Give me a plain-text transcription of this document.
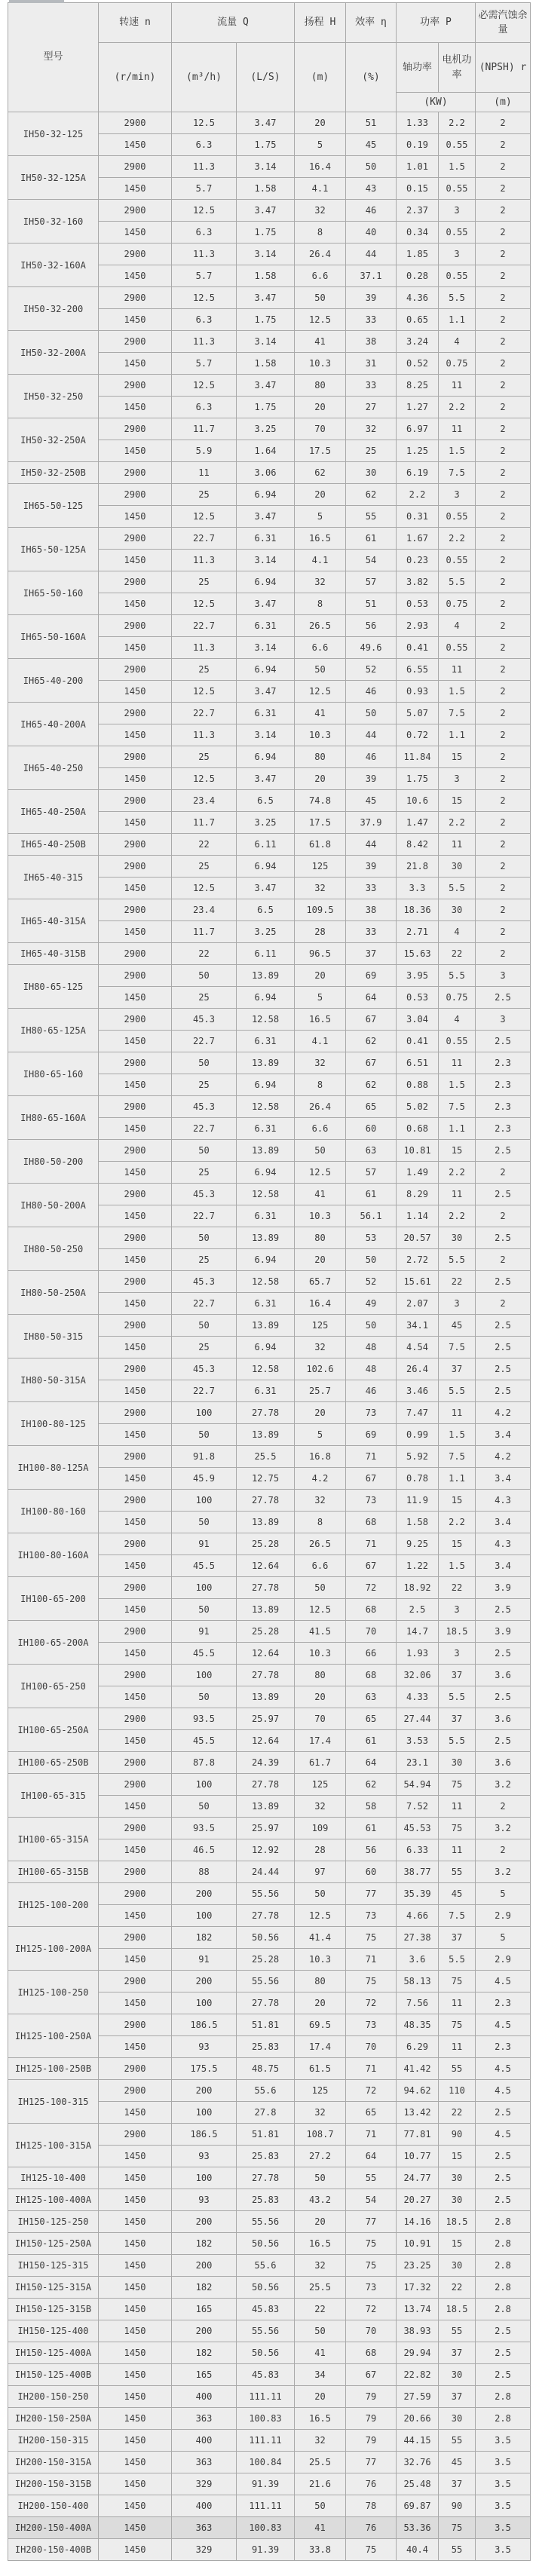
型号	转速 n	流量 Q		扬程 H	效率 η	功率 P		必需汽蚀余量
	(r/min)	(m³/h)	(L/S)	(m)	(%)	轴功率	电机功率	(NPSH) r
						(KW)		(m)
IH50-32-125	2900	12.5	3.47	20	51	1.33	2.2	2
	1450	6.3	1.75	5	45	0.19	0.55	2
IH50-32-125A	2900	11.3	3.14	16.4	50	1.01	1.5	2
	1450	5.7	1.58	4.1	43	0.15	0.55	2
IH50-32-160	2900	12.5	3.47	32	46	2.37	3	2
	1450	6.3	1.75	8	40	0.34	0.55	2
IH50-32-160A	2900	11.3	3.14	26.4	44	1.85	3	2
	1450	5.7	1.58	6.6	37.1	0.28	0.55	2
IH50-32-200	2900	12.5	3.47	50	39	4.36	5.5	2
	1450	6.3	1.75	12.5	33	0.65	1.1	2
IH50-32-200A	2900	11.3	3.14	41	38	3.24	4	2
	1450	5.7	1.58	10.3	31	0.52	0.75	2
IH50-32-250	2900	12.5	3.47	80	33	8.25	11	2
	1450	6.3	1.75	20	27	1.27	2.2	2
IH50-32-250A	2900	11.7	3.25	70	32	6.97	11	2
	1450	5.9	1.64	17.5	25	1.25	1.5	2
IH50-32-250B	2900	11	3.06	62	30	6.19	7.5	2
IH65-50-125	2900	25	6.94	20	62	2.2	3	2
	1450	12.5	3.47	5	55	0.31	0.55	2
IH65-50-125A	2900	22.7	6.31	16.5	61	1.67	2.2	2
	1450	11.3	3.14	4.1	54	0.23	0.55	2
IH65-50-160	2900	25	6.94	32	57	3.82	5.5	2
	1450	12.5	3.47	8	51	0.53	0.75	2
IH65-50-160A	2900	22.7	6.31	26.5	56	2.93	4	2
	1450	11.3	3.14	6.6	49.6	0.41	0.55	2
IH65-40-200	2900	25	6.94	50	52	6.55	11	2
	1450	12.5	3.47	12.5	46	0.93	1.5	2
IH65-40-200A	2900	22.7	6.31	41	50	5.07	7.5	2
	1450	11.3	3.14	10.3	44	0.72	1.1	2
IH65-40-250	2900	25	6.94	80	46	11.84	15	2
	1450	12.5	3.47	20	39	1.75	3	2
IH65-40-250A	2900	23.4	6.5	74.8	45	10.6	15	2
	1450	11.7	3.25	17.5	37.9	1.47	2.2	2
IH65-40-250B	2900	22	6.11	61.8	44	8.42	11	2
IH65-40-315	2900	25	6.94	125	39	21.8	30	2
	1450	12.5	3.47	32	33	3.3	5.5	2
IH65-40-315A	2900	23.4	6.5	109.5	38	18.36	30	2
	1450	11.7	3.25	28	33	2.71	4	2
IH65-40-315B	2900	22	6.11	96.5	37	15.63	22	2
IH80-65-125	2900	50	13.89	20	69	3.95	5.5	3
	1450	25	6.94	5	64	0.53	0.75	2.5
IH80-65-125A	2900	45.3	12.58	16.5	67	3.04	4	3
	1450	22.7	6.31	4.1	62	0.41	0.55	2.5
IH80-65-160	2900	50	13.89	32	67	6.51	11	2.3
	1450	25	6.94	8	62	0.88	1.5	2.3
IH80-65-160A	2900	45.3	12.58	26.4	65	5.02	7.5	2.3
	1450	22.7	6.31	6.6	60	0.68	1.1	2.3
IH80-50-200	2900	50	13.89	50	63	10.81	15	2.5
	1450	25	6.94	12.5	57	1.49	2.2	2
IH80-50-200A	2900	45.3	12.58	41	61	8.29	11	2.5
	1450	22.7	6.31	10.3	56.1	1.14	2.2	2
IH80-50-250	2900	50	13.89	80	53	20.57	30	2.5
	1450	25	6.94	20	50	2.72	5.5	2
IH80-50-250A	2900	45.3	12.58	65.7	52	15.61	22	2.5
	1450	22.7	6.31	16.4	49	2.07	3	2
IH80-50-315	2900	50	13.89	125	50	34.1	45	2.5
	1450	25	6.94	32	48	4.54	7.5	2.5
IH80-50-315A	2900	45.3	12.58	102.6	48	26.4	37	2.5
	1450	22.7	6.31	25.7	46	3.46	5.5	2.5
IH100-80-125	2900	100	27.78	20	73	7.47	11	4.2
	1450	50	13.89	5	69	0.99	1.5	3.4
IH100-80-125A	2900	91.8	25.5	16.8	71	5.92	7.5	4.2
	1450	45.9	12.75	4.2	67	0.78	1.1	3.4
IH100-80-160	2900	100	27.78	32	73	11.9	15	4.3
	1450	50	13.89	8	68	1.58	2.2	3.4
IH100-80-160A	2900	91	25.28	26.5	71	9.25	15	4.3
	1450	45.5	12.64	6.6	67	1.22	1.5	3.4
IH100-65-200	2900	100	27.78	50	72	18.92	22	3.9
	1450	50	13.89	12.5	68	2.5	3	2.5
IH100-65-200A	2900	91	25.28	41.5	70	14.7	18.5	3.9
	1450	45.5	12.64	10.3	66	1.93	3	2.5
IH100-65-250	2900	100	27.78	80	68	32.06	37	3.6
	1450	50	13.89	20	63	4.33	5.5	2.5
IH100-65-250A	2900	93.5	25.97	70	65	27.44	37	3.6
	1450	45.5	12.64	17.4	61	3.53	5.5	2.5
IH100-65-250B	2900	87.8	24.39	61.7	64	23.1	30	3.6
IH100-65-315	2900	100	27.78	125	62	54.94	75	3.2
	1450	50	13.89	32	58	7.52	11	2
IH100-65-315A	2900	93.5	25.97	109	61	45.53	75	3.2
	1450	46.5	12.92	28	56	6.33	11	2
IH100-65-315B	2900	88	24.44	97	60	38.77	55	3.2
IH125-100-200	2900	200	55.56	50	77	35.39	45	5
	1450	100	27.78	12.5	73	4.66	7.5	2.9
IH125-100-200A	2900	182	50.56	41.4	75	27.38	37	5
	1450	91	25.28	10.3	71	3.6	5.5	2.9
IH125-100-250	2900	200	55.56	80	75	58.13	75	4.5
	1450	100	27.78	20	72	7.56	11	2.3
IH125-100-250A	2900	186.5	51.81	69.5	73	48.35	75	4.5
	1450	93	25.83	17.4	70	6.29	11	2.3
IH125-100-250B	2900	175.5	48.75	61.5	71	41.42	55	4.5
IH125-100-315	2900	200	55.6	125	72	94.62	110	4.5
	1450	100	27.8	32	65	13.42	22	2.5
IH125-100-315A	2900	186.5	51.81	108.7	71	77.81	90	4.5
	1450	93	25.83	27.2	64	10.77	15	2.5
IH125-10-400	1450	100	27.78	50	55	24.77	30	2.5
IH125-100-400A	1450	93	25.83	43.2	54	20.27	30	2.5
IH150-125-250	1450	200	55.56	20	77	14.16	18.5	2.8
IH150-125-250A	1450	182	50.56	16.5	75	10.91	15	2.8
IH150-125-315	1450	200	55.6	32	75	23.25	30	2.8
IH150-125-315A	1450	182	50.56	25.5	73	17.32	22	2.8
IH150-125-315B	1450	165	45.83	22	72	13.74	18.5	2.8
IH150-125-400	1450	200	55.56	50	70	38.93	55	2.5
IH150-125-400A	1450	182	50.56	41	68	29.94	37	2.5
IH150-125-400B	1450	165	45.83	34	67	22.82	30	2.5
IH200-150-250	1450	400	111.11	20	79	27.59	37	2.8
IH200-150-250A	1450	363	100.83	16.5	79	20.66	30	2.8
IH200-150-315	1450	400	111.11	32	79	44.15	55	3.5
IH200-150-315A	1450	363	100.84	25.5	77	32.76	45	3.5
IH200-150-315B	1450	329	91.39	21.6	76	25.48	37	3.5
IH200-150-400	1450	400	111.11	50	78	69.87	90	3.5
IH200-150-400A	1450	363	100.83	41	76	53.36	75	3.5
IH200-150-400B	1450	329	91.39	33.8	75	40.4	55	3.5
